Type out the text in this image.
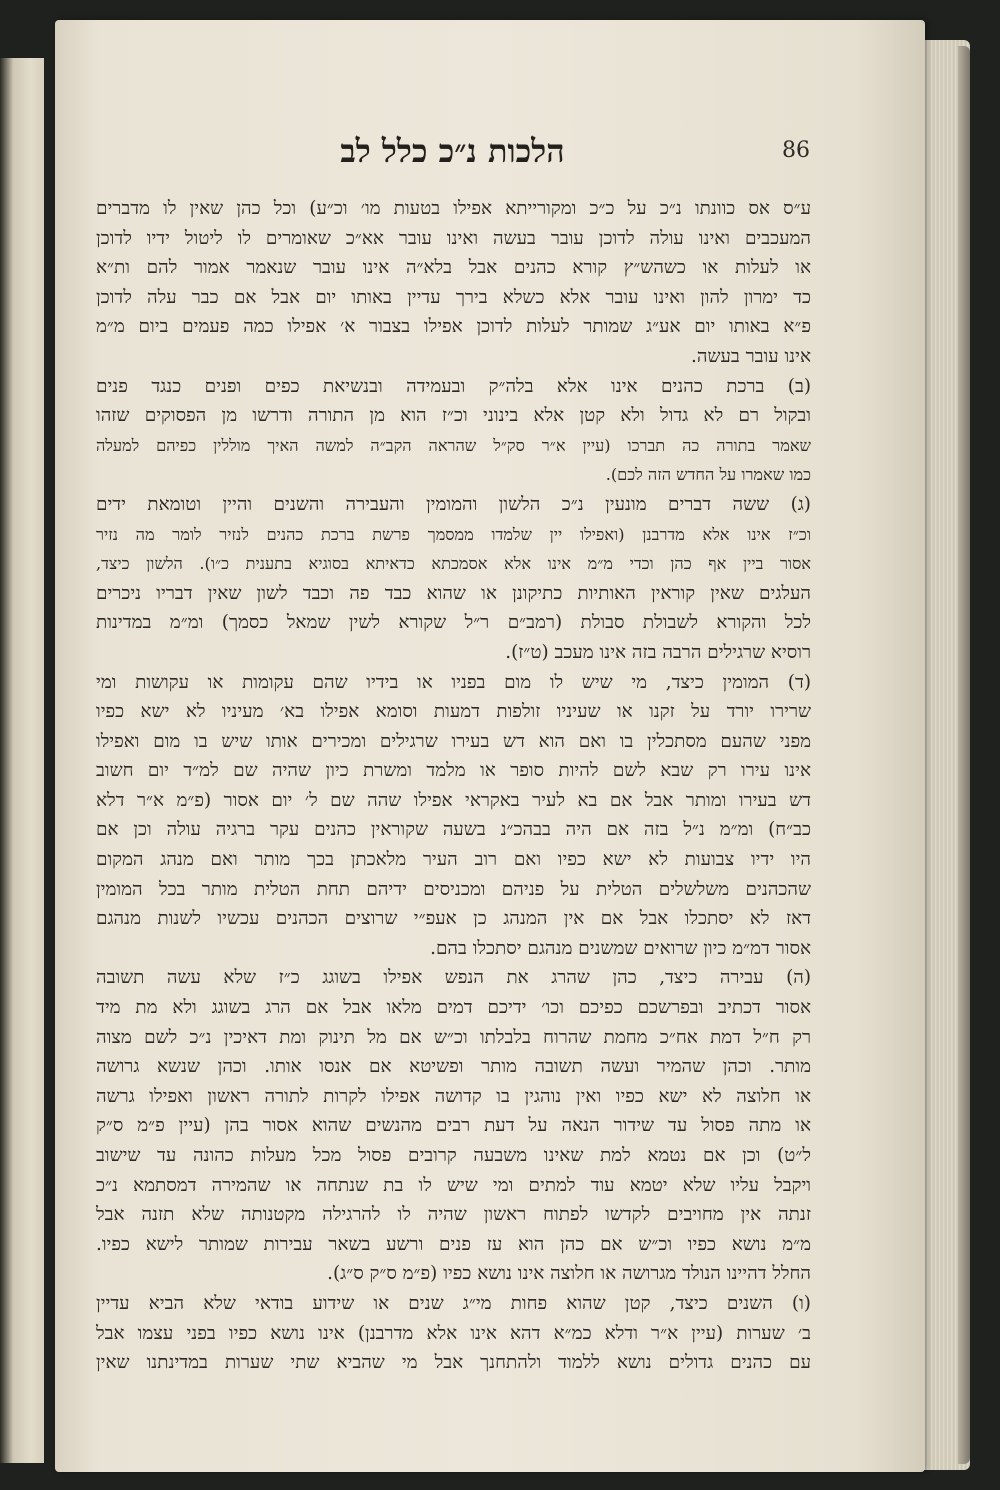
הלכות נ״כ כלל לב	86
ע״ס אס כוונתו נ״כ על כ״כ ומקורייתא אפילו בטעות מו׳ וכ״ע) וכל כהן שאין לו מדברים
המעכבים ואינו עולה לדוכן עובר בעשה ואינו עובר אא״כ שאומרים לו ליטול ידיו לדוכן
או לעלות או כשהש״ץ קורא כהנים אבל בלא״ה אינו עובר שנאמר אמור להם ות״א
כד ימרון להון ואינו עובר אלא כשלא בירך עדיין באותו יום אבל אם כבר עלה לדוכן
פ״א באותו יום אע״ג שמותר לעלות לדוכן אפילו בצבור א׳ אפילו כמה פעמים ביום מ״מ
אינו עובר בעשה.
(ב) ברכת כהנים אינו אלא בלה״ק ובעמידה ובנשיאת כפים ופנים כנגד פנים
ובקול רם לא גדול ולא קטן אלא בינוני וכ״ז הוא מן התורה ודרשו מן הפסוקים שזהו
שאמר בתורה כה תברכו (עיין א״ר סק״ל שהראה הקב״ה למשה האיך מוללין כפיהם למעלה
כמו שאמרו על החדש הזה לכם).
(ג) ששה דברים מונעין נ״כ הלשון והמומין והעבירה והשנים והיין וטומאת ידים
וכ״ז אינו אלא מדרבנן (ואפילו יין שלמדו ממסמך פרשת ברכת כהנים לנזיר לומר מה נזיר
אסור ביין אף כהן וכדי מ״מ אינו אלא אסמכתא כדאיתא בסוגיא בתענית כ״ו). הלשון כיצד,
העלגים שאין קוראין האותיות כתיקונן או שהוא כבד פה וכבד לשון שאין דבריו ניכרים
לכל והקורא לשבולת סבולת (רמב״ם ר״ל שקורא לשין שמאל כסמך) ומ״מ במדינות
רוסיא שרגילים הרבה בזה אינו מעכב (ט״ז).
(ד) המומין כיצד, מי שיש לו מום בפניו או בידיו שהם עקומות או עקושות ומי
שרירו יורד על זקנו או שעיניו זולפות דמעות וסומא אפילו בא׳ מעיניו לא ישא כפיו
מפני שהעם מסתכלין בו ואם הוא דש בעירו שרגילים ומכירים אותו שיש בו מום ואפילו
אינו עירו רק שבא לשם להיות סופר או מלמד ומשרת כיון שהיה שם למ״ד יום חשוב
דש בעירו ומותר אבל אם בא לעיר באקראי אפילו שהה שם ל׳ יום אסור (פ״מ א״ר דלא
כב״ח) ומ״מ נ״ל בזה אם היה בבהכ״נ בשעה שקוראין כהנים עקר ברגיה עולה וכן אם
היו ידיו צבועות לא ישא כפיו ואם רוב העיר מלאכתן בכך מותר ואם מנהג המקום
שהכהנים משלשלים הטלית על פניהם ומכניסים ידיהם תחת הטלית מותר בכל המומין
דאז לא יסתכלו אבל אם אין המנהג כן אעפ״י שרוצים הכהנים עכשיו לשנות מנהגם
אסור דמ״מ כיון שרואים שמשנים מנהגם יסתכלו בהם.
(ה) עבירה כיצד, כהן שהרג את הנפש אפילו בשוגג כ״ז שלא עשה תשובה
אסור דכתיב ובפרשכם כפיכם וכו׳ ידיכם דמים מלאו אבל אם הרג בשוגג ולא מת מיד
רק ח״ל דמת אח״כ מחמת שהרוח בלבלתו וכ״ש אם מל תינוק ומת דאיכין נ״כ לשם מצוה
מותר. וכהן שהמיר ועשה תשובה מותר ופשיטא אם אנסו אותו. וכהן שנשא גרושה
או חלוצה לא ישא כפיו ואין נוהגין בו קדושה אפילו לקרות לתורה ראשון ואפילו גרשה
או מתה פסול עד שידור הנאה על דעת רבים מהנשים שהוא אסור בהן (עיין פ״מ ס״ק
ל״ט) וכן אם נטמא למת שאינו משבעה קרובים פסול מכל מעלות כהונה עד שישוב
ויקבל עליו שלא יטמא עוד למתים ומי שיש לו בת שנתחה או שהמירה דמסתמא נ״כ
זנתה אין מחויבים לקדשו לפתוח ראשון שהיה לו להרגילה מקטנותה שלא תזנה אבל
מ״מ נושא כפיו וכ״ש אם כהן הוא עז פנים ורשע בשאר עבירות שמותר לישא כפיו.
החלל דהיינו הנולד מגרושה או חלוצה אינו נושא כפיו (פ״מ ס״ק ס״ג).
(ו) השנים כיצד, קטן שהוא פחות מי״ג שנים או שידוע בודאי שלא הביא עדיין
ב׳ שערות (עיין א״ר ודלא כמ״א דהא אינו אלא מדרבנן) אינו נושא כפיו בפני עצמו אבל
עם כהנים גדולים נושא ללמוד ולהתחנך אבל מי שהביא שתי שערות במדינתנו שאין
